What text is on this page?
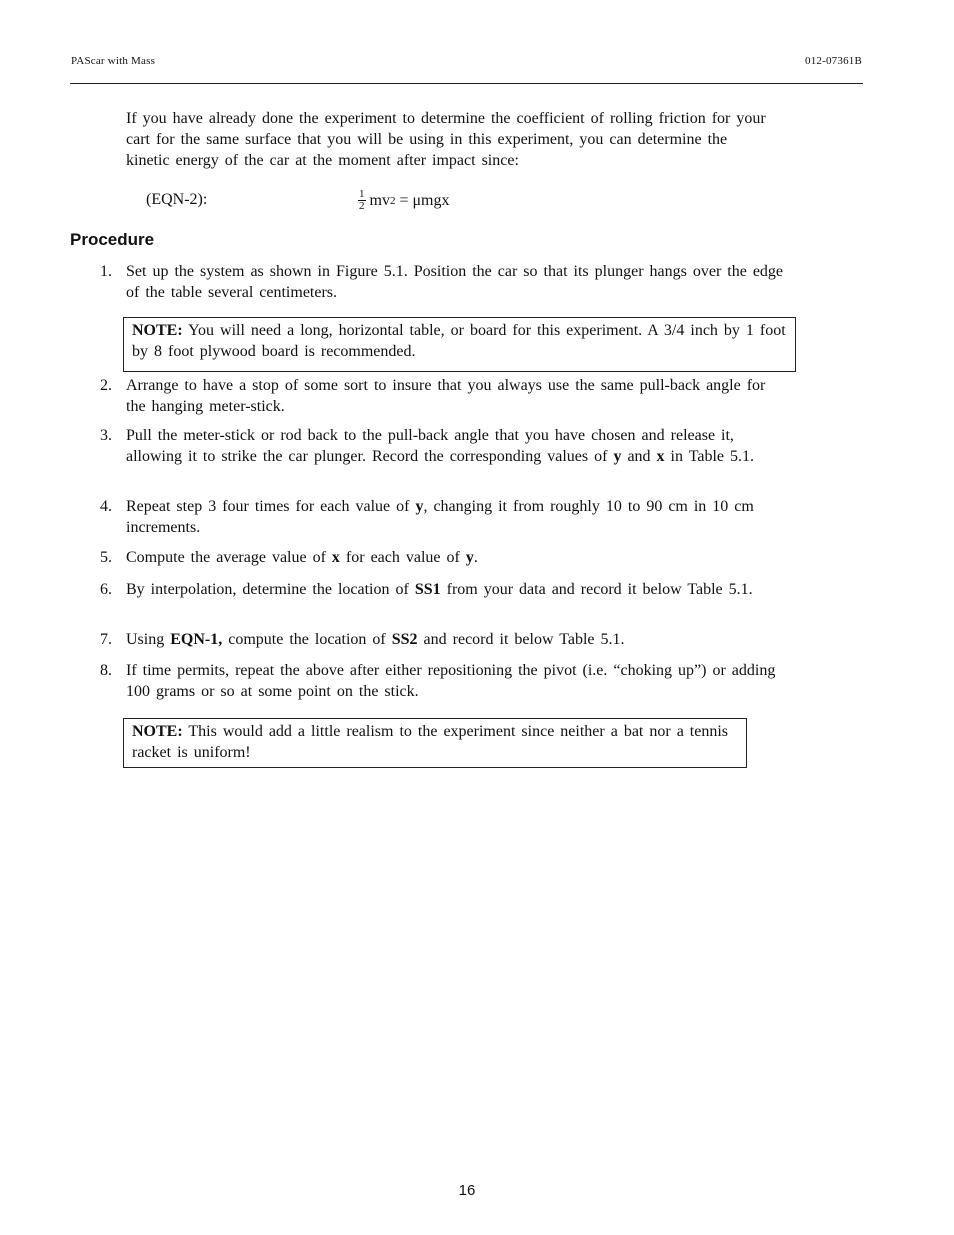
PAScar with Mass	012-07361B
If you have already done the experiment to determine the coefficient of rolling friction for your cart for the same surface that you will be using in this experiment, you can determine the kinetic energy of the car at the moment after impact since:
(EQN-2):	$\frac{1}{2}$ mv 2 = μmgx
Procedure
1. Set up the system as shown in Figure 5.1. Position the car so that its plunger hangs over the edge of the table several centimeters.
NOTE: You will need a long, horizontal table, or board for this experiment. A 3/4 inch by 1 foot by 8 foot plywood board is recommended.
2. Arrange to have a stop of some sort to insure that you always use the same pull-back angle for the hanging meter-stick.
3. Pull the meter-stick or rod back to the pull-back angle that you have chosen and release it, allowing it to strike the car plunger. Record the corresponding values of y and x in Table 5.1.
4. Repeat step 3 four times for each value of y, changing it from roughly 10 to 90 cm in 10 cm increments.
5. Compute the average value of x for each value of y.
6. By interpolation, determine the location of SS1 from your data and record it below Table 5.1.
7. Using EQN-1, compute the location of SS2 and record it below Table 5.1.
8. If time permits, repeat the above after either repositioning the pivot (i.e. “choking up”) or adding 100 grams or so at some point on the stick.
NOTE: This would add a little realism to the experiment since neither a bat nor a tennis racket is uniform!
16
